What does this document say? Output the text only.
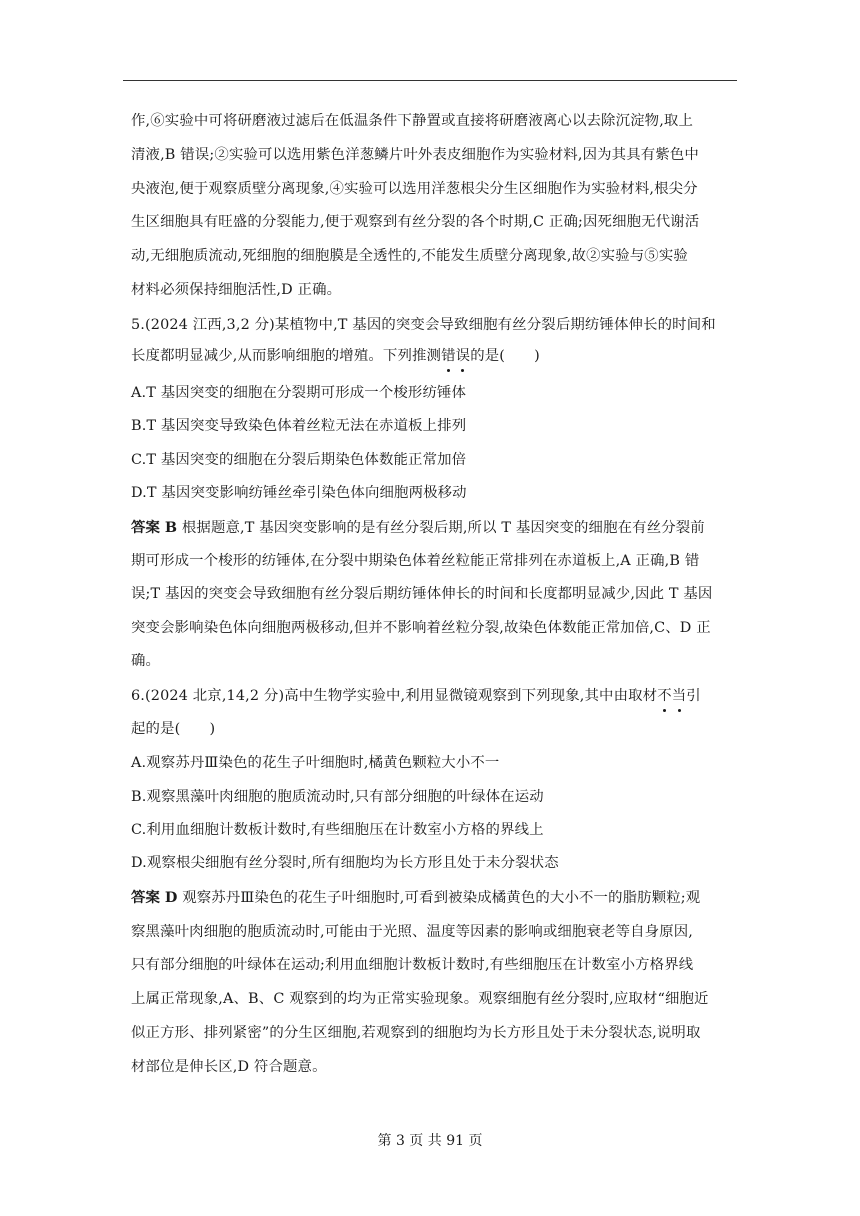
作,⑥实验中可将研磨液过滤后在低温条件下静置或直接将研磨液离心以去除沉淀物,取上
清液,B 错误;②实验可以选用紫色洋葱鳞片叶外表皮细胞作为实验材料,因为其具有紫色中
央液泡,便于观察质壁分离现象,④实验可以选用洋葱根尖分生区细胞作为实验材料,根尖分
生区细胞具有旺盛的分裂能力,便于观察到有丝分裂的各个时期,C 正确;因死细胞无代谢活
动,无细胞质流动,死细胞的细胞膜是全透性的,不能发生质壁分离现象,故②实验与⑤实验
材料必须保持细胞活性,D 正确。
5.(2024 江西,3,2 分)某植物中,T 基因的突变会导致细胞有丝分裂后期纺锤体伸长的时间和
长度都明显减少,从而影响细胞的增殖。下列推测错误的是(　　)
A.T 基因突变的细胞在分裂期可形成一个梭形纺锤体
B.T 基因突变导致染色体着丝粒无法在赤道板上排列
C.T 基因突变的细胞在分裂后期染色体数能正常加倍
D.T 基因突变影响纺锤丝牵引染色体向细胞两极移动
答案 B 根据题意,T 基因突变影响的是有丝分裂后期,所以 T 基因突变的细胞在有丝分裂前
期可形成一个梭形的纺锤体,在分裂中期染色体着丝粒能正常排列在赤道板上,A 正确,B 错
误;T 基因的突变会导致细胞有丝分裂后期纺锤体伸长的时间和长度都明显减少,因此 T 基因
突变会影响染色体向细胞两极移动,但并不影响着丝粒分裂,故染色体数能正常加倍,C、D 正
确。
6.(2024 北京,14,2 分)高中生物学实验中,利用显微镜观察到下列现象,其中由取材不当引
起的是(　　)
A.观察苏丹Ⅲ染色的花生子叶细胞时,橘黄色颗粒大小不一
B.观察黑藻叶肉细胞的胞质流动时,只有部分细胞的叶绿体在运动
C.利用血细胞计数板计数时,有些细胞压在计数室小方格的界线上
D.观察根尖细胞有丝分裂时,所有细胞均为长方形且处于未分裂状态
答案 D 观察苏丹Ⅲ染色的花生子叶细胞时,可看到被染成橘黄色的大小不一的脂肪颗粒;观
察黑藻叶肉细胞的胞质流动时,可能由于光照、温度等因素的影响或细胞衰老等自身原因,
只有部分细胞的叶绿体在运动;利用血细胞计数板计数时,有些细胞压在计数室小方格界线
上属正常现象,A、B、C 观察到的均为正常实验现象。观察细胞有丝分裂时,应取材“细胞近
似正方形、排列紧密”的分生区细胞,若观察到的细胞均为长方形且处于未分裂状态,说明取
材部位是伸长区,D 符合题意。
第 3 页 共 91 页
